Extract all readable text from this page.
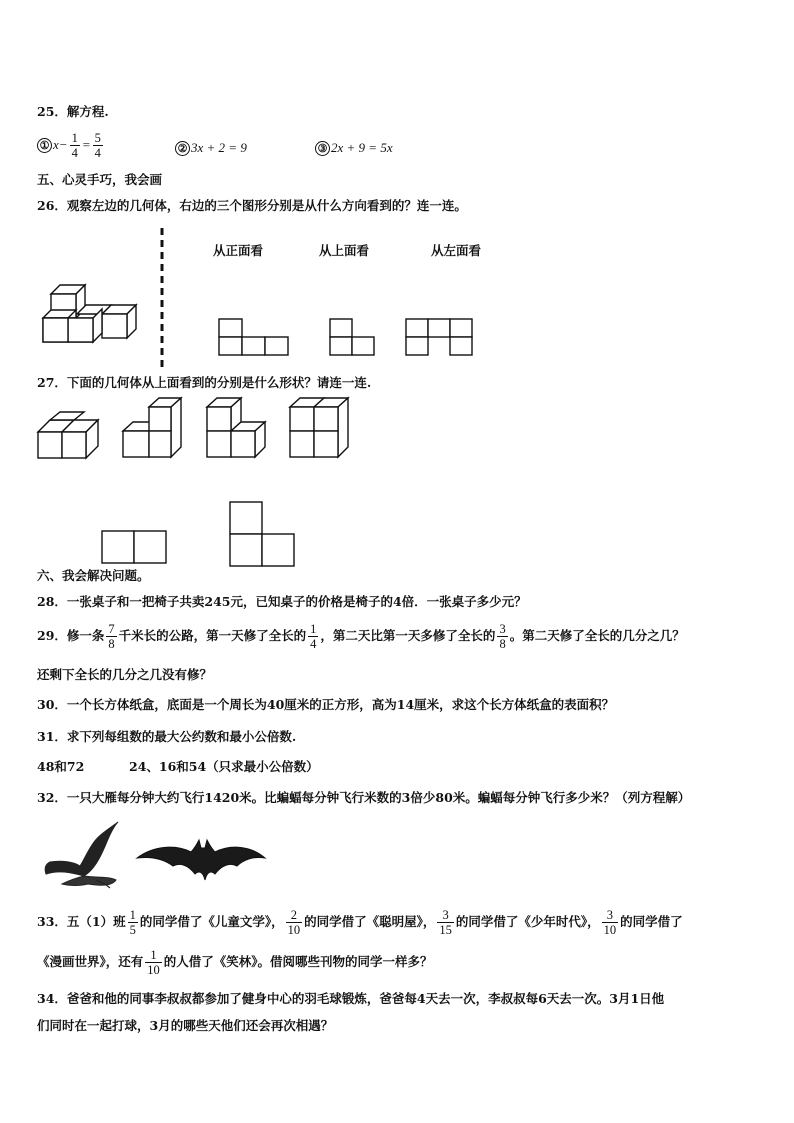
25．解方程.
① $x- \frac{1}{4} = \frac{5}{4}$	② 3x + 2 = 9	③ 2x + 9 = 5x
五、心灵手巧，我会画
26．观察左边的几何体，右边的三个图形分别是从什么方向看到的？连一连。
从正面看	从上面看	从左面看
27．下面的几何体从上面看到的分别是什么形状？请连一连.
六、我会解决问题。
28．一张桌子和一把椅子共卖245元，已知桌子的价格是椅子的4倍．一张桌子多少元？
29．修一条 $\frac{7}{8}$ 千米长的公路，第一天修了全长的 $\frac{1}{4}$ ，第二天比第一天多修了全长的 $\frac{3}{8}$ 。第二天修了全长的几分之几？
还剩下全长的几分之几没有修？
30．一个长方体纸盒，底面是一个周长为40厘米的正方形，高为14厘米，求这个长方体纸盒的表面积？
31．求下列每组数的最大公约数和最小公倍数.
48和72	24、16和54（只求最小公倍数）
32．一只大雁每分钟大约飞行1420米。比蝙蝠每分钟飞行米数的3倍少80米。蝙蝠每分钟飞行多少米？（列方程解）
33．五（1）班 $\frac{1}{5}$ 的同学借了《儿童文学》， $\frac{2}{10}$ 的同学借了《聪明屋》， $\frac{3}{15}$ 的同学借了《少年时代》， $\frac{3}{10}$ 的同学借了
《漫画世界》，还有 $\frac{1}{10}$ 的人借了《笑林》。借阅哪些刊物的同学一样多？
34．爸爸和他的同事李叔叔都参加了健身中心的羽毛球锻炼，爸爸每4天去一次，李叔叔每6天去一次。3月1日他
们同时在一起打球，3月的哪些天他们还会再次相遇？
